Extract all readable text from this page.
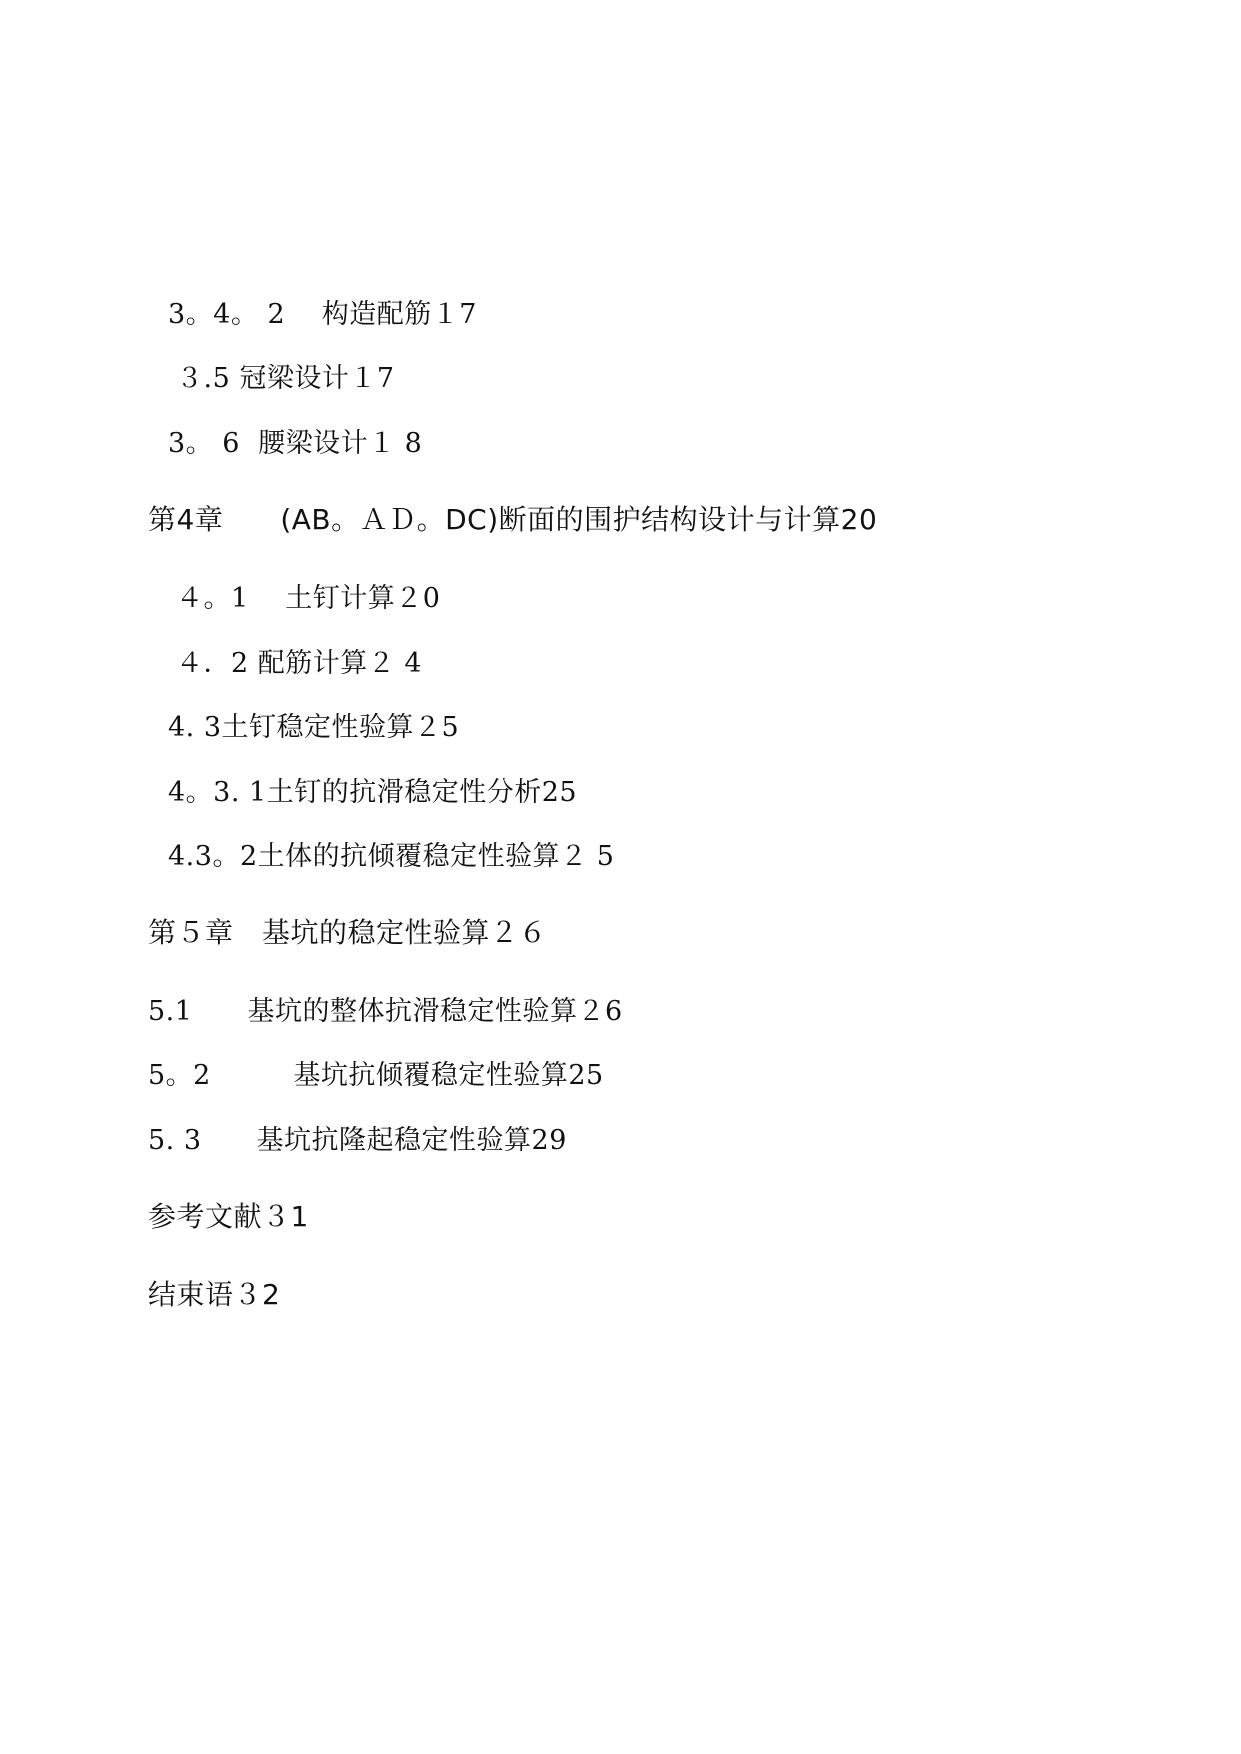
3。4。 2　 构造配筋１7
３.5 冠梁设计１7
3。 6  腰梁设计１ 8
第4章　　(AB。ＡＤ。DC)断面的围护结构设计与计算20
４。1　 土钉计算２0
４．2 配筋计算２ 4
4. 3土钉稳定性验算２5
4。3. 1土钉的抗滑稳定性分析25
4.3。2土体的抗倾覆稳定性验算２ 5
第５章　基坑的稳定性验算２６
5.1　　基坑的整体抗滑稳定性验算２6
5。2　　　基坑抗倾覆稳定性验算25
5. 3　　基坑抗隆起稳定性验算29
参考文献３1
结束语３2
